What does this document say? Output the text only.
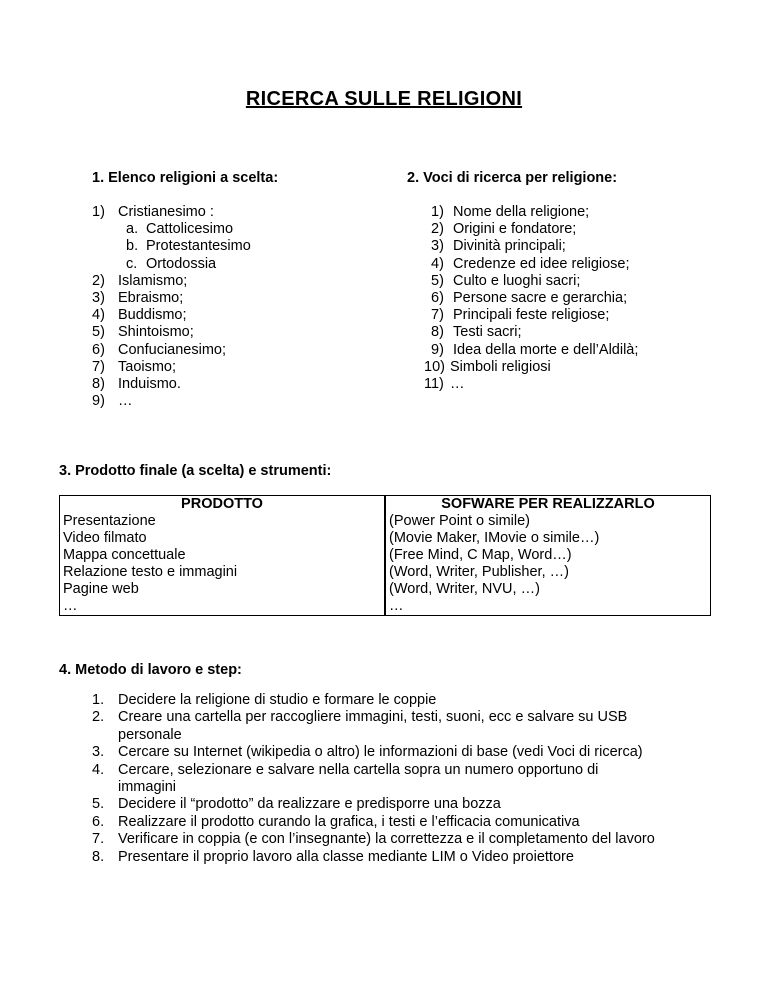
RICERCA SULLE RELIGIONI
1. Elenco religioni a scelta:
1) Cristianesimo :
a. Cattolicesimo
b. Protestantesimo
c. Ortodossia
2) Islamismo;
3) Ebraismo;
4) Buddismo;
5) Shintoismo;
6) Confucianesimo;
7) Taoismo;
8) Induismo.
9) …
2. Voci di ricerca per religione:
1) Nome della religione;
2) Origini e fondatore;
3) Divinità principali;
4) Credenze ed idee religiose;
5) Culto e luoghi sacri;
6) Persone sacre e gerarchia;
7) Principali feste religiose;
8) Testi sacri;
9) Idea della morte e dell’Aldilà;
10) Simboli religiosi
11) …
3. Prodotto finale (a scelta) e strumenti:
PRODOTTO		SOFWARE PER REALIZZARLO
Presentazione		(Power Point o simile)
Video filmato		(Movie Maker, IMovie o simile…)
Mappa concettuale		(Free Mind, C Map, Word…)
Relazione testo e immagini		(Word, Writer, Publisher, …)
Pagine web		(Word, Writer, NVU, …)
…		…
4. Metodo di lavoro e step:
1. Decidere la religione di studio e formare le coppie
2. Creare una cartella per raccogliere immagini, testi, suoni, ecc e salvare su USB
personale
3. Cercare su Internet (wikipedia o altro) le informazioni di base (vedi Voci di ricerca)
4. Cercare, selezionare e salvare nella cartella sopra un numero opportuno di
immagini
5. Decidere il “prodotto” da realizzare e predisporre una bozza
6. Realizzare il prodotto curando la grafica, i testi e l’efficacia comunicativa
7. Verificare in coppia (e con l’insegnante) la correttezza e il completamento del lavoro
8. Presentare il proprio lavoro alla classe mediante LIM o Video proiettore
